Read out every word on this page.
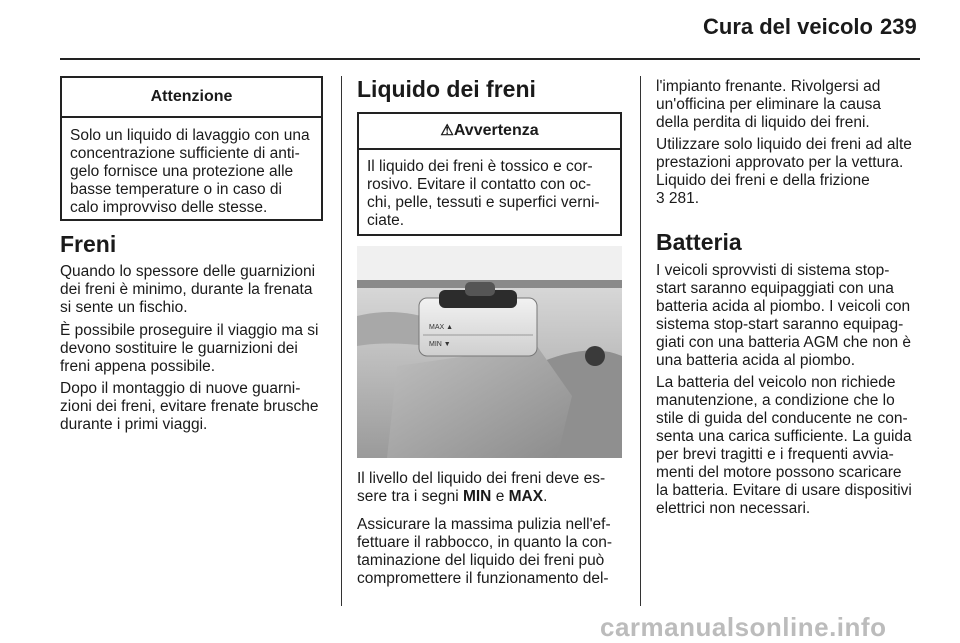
Cura del veicolo 239
Attenzione
Solo un liquido di lavaggio con una
concentrazione sufficiente di anti-
gelo fornisce una protezione alle
basse temperature o in caso di
calo improvviso delle stesse.
Freni
Quando lo spessore delle guarnizioni
dei freni è minimo, durante la frenata
si sente un fischio.
È possibile proseguire il viaggio ma si
devono sostituire le guarnizioni dei
freni appena possibile.
Dopo il montaggio di nuove guarni-
zioni dei freni, evitare frenate brusche
durante i primi viaggi.
Liquido dei freni
⚠Avvertenza
Il liquido dei freni è tossico e cor-
rosivo. Evitare il contatto con oc-
chi, pelle, tessuti e superfici verni-
ciate.
MAX ▲
MIN ▼
Il livello del liquido dei freni deve es-
sere tra i segni MIN e MAX.
Assicurare la massima pulizia nell'ef-
fettuare il rabbocco, in quanto la con-
taminazione del liquido dei freni può
compromettere il funzionamento del-
l'impianto frenante. Rivolgersi ad
un'officina per eliminare la causa
della perdita di liquido dei freni.
Utilizzare solo liquido dei freni ad alte
prestazioni approvato per la vettura.
Liquido dei freni e della frizione
3 281.
Batteria
I veicoli sprovvisti di sistema stop-
start saranno equipaggiati con una
batteria acida al piombo. I veicoli con
sistema stop-start saranno equipag-
giati con una batteria AGM che non è
una batteria acida al piombo.
La batteria del veicolo non richiede
manutenzione, a condizione che lo
stile di guida del conducente ne con-
senta una carica sufficiente. La guida
per brevi tragitti e i frequenti avvia-
menti del motore possono scaricare
la batteria. Evitare di usare dispositivi
elettrici non necessari.
carmanualsonline.info
